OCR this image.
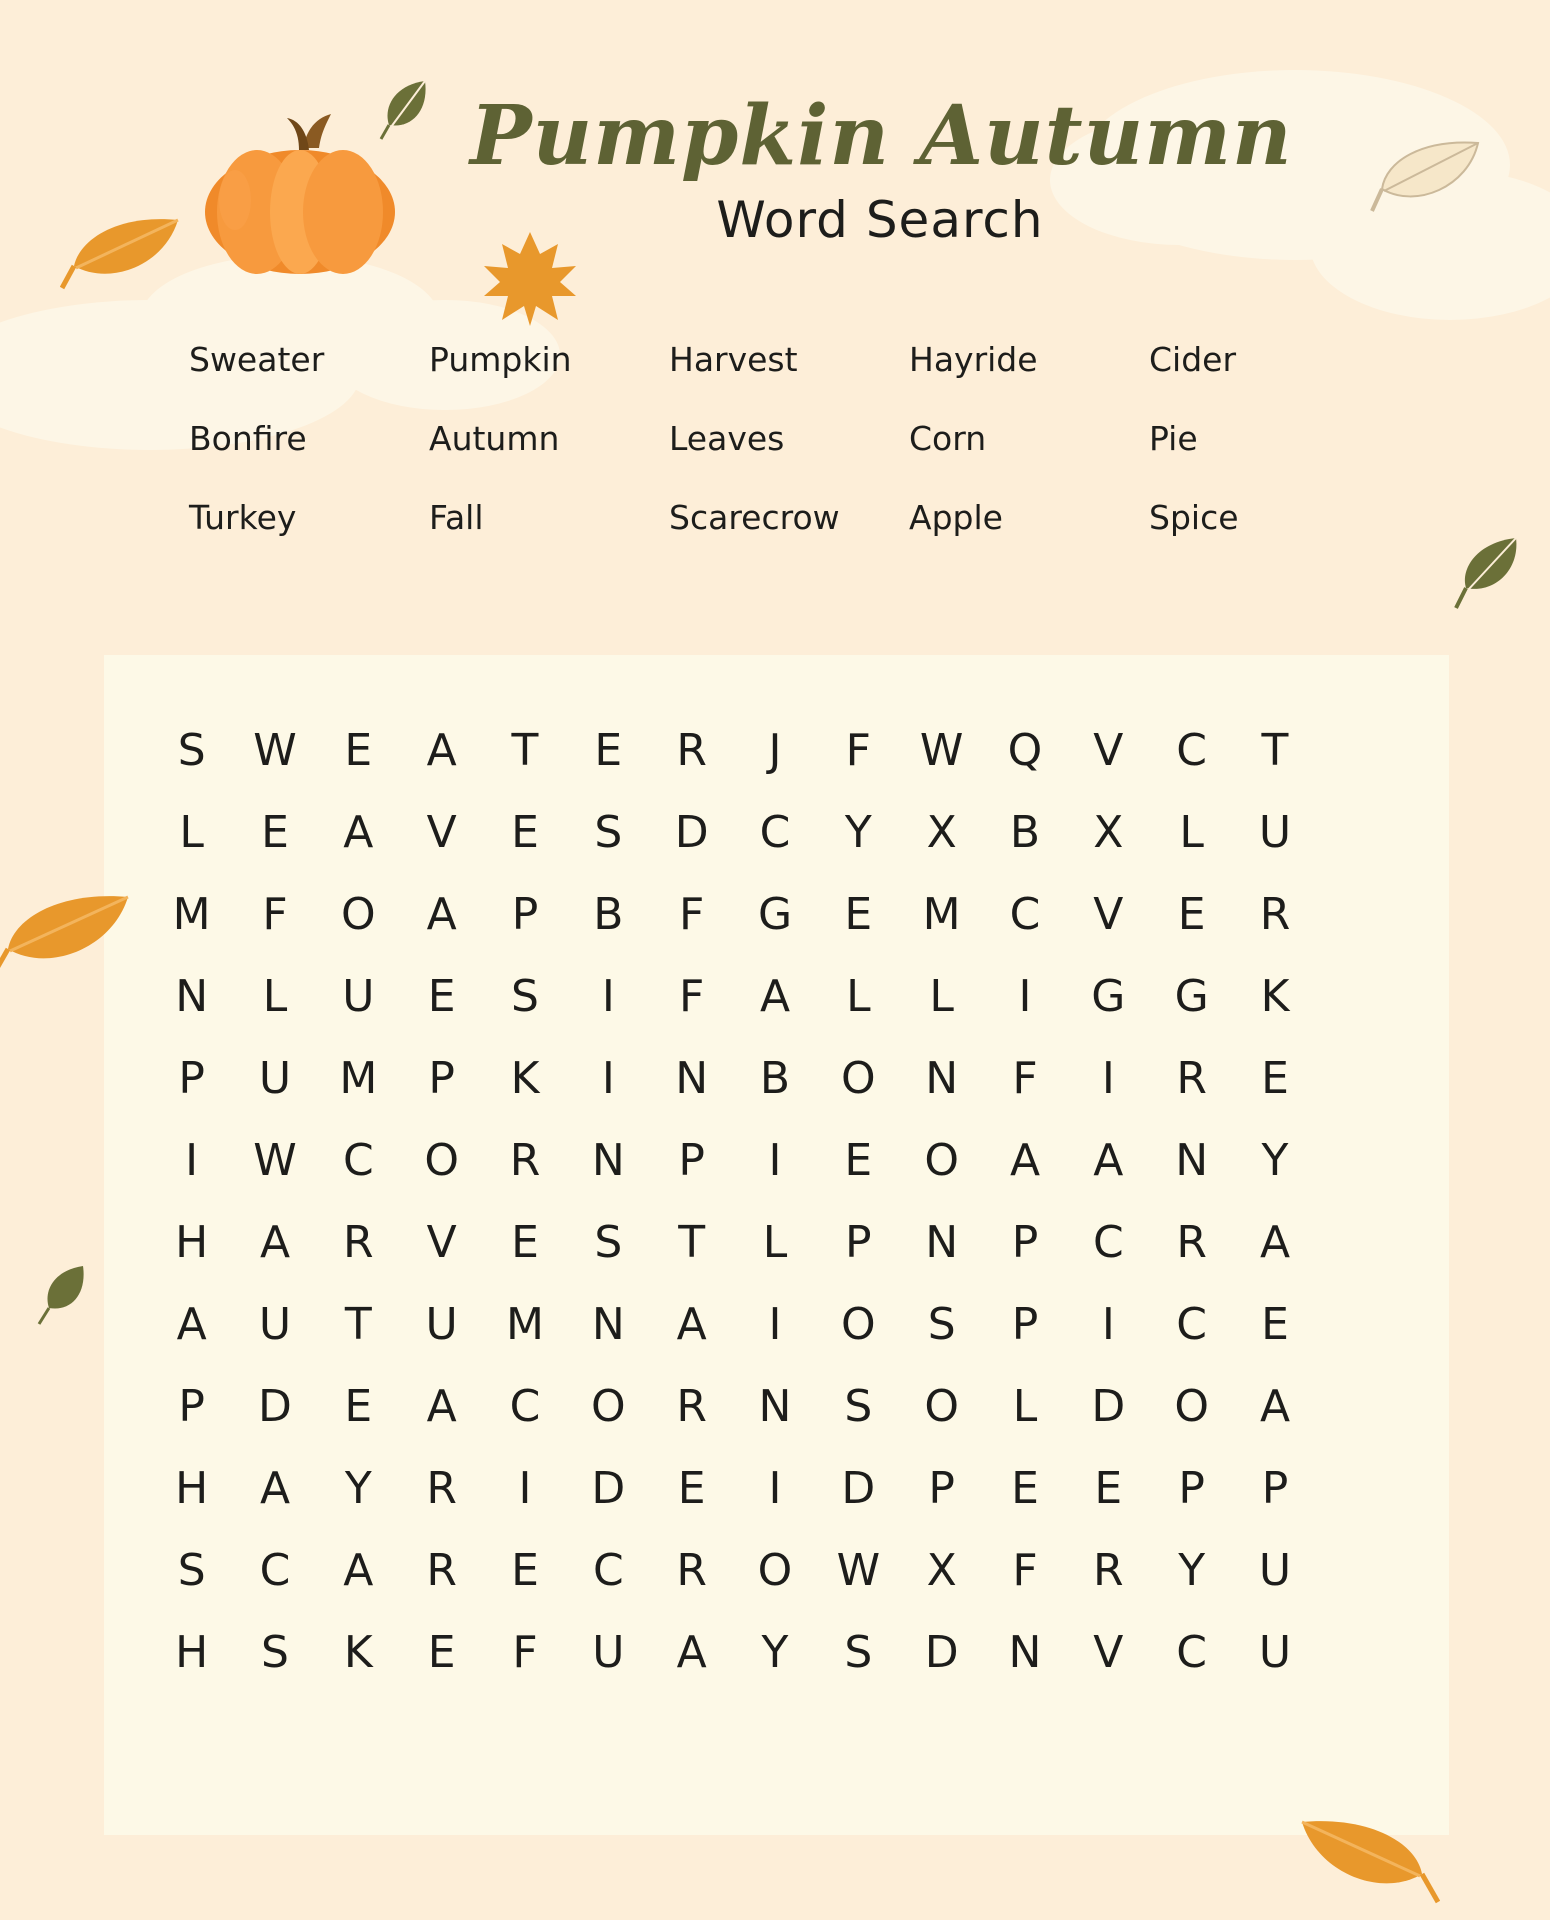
Pumpkin Autumn
Word Search
Sweater	Pumpkin	Harvest	Hayride	Cider
Bonfire	Autumn	Leaves	Corn	Pie
Turkey	Fall	Scarecrow	Apple	Spice
S	W	E	A	T	E	R	J	F	W	Q	V	C	T
L	E	A	V	E	S	D	C	Y	X	B	X	L	U
M	F	O	A	P	B	F	G	E	M	C	V	E	R
N	L	U	E	S	I	F	A	L	L	I	G	G	K
P	U	M	P	K	I	N	B	O	N	F	I	R	E
I	W	C	O	R	N	P	I	E	O	A	A	N	Y
H	A	R	V	E	S	T	L	P	N	P	C	R	A
A	U	T	U	M	N	A	I	O	S	P	I	C	E
P	D	E	A	C	O	R	N	S	O	L	D	O	A
H	A	Y	R	I	D	E	I	D	P	E	E	P	P
S	C	A	R	E	C	R	O	W	X	F	R	Y	U
H	S	K	E	F	U	A	Y	S	D	N	V	C	U
